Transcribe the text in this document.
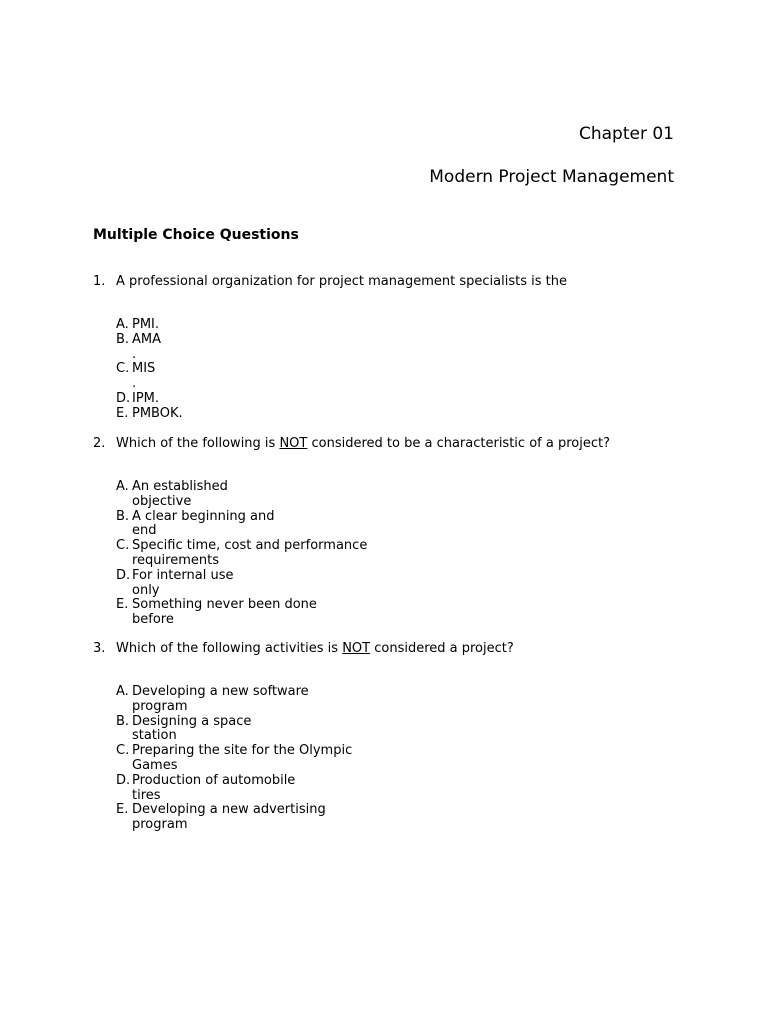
Chapter 01
Modern Project Management
Multiple Choice Questions
1. A professional organization for project management specialists is the
A. PMI.
B. AMA
.
C. MIS
.
D. IPM.
E. PMBOK.
2. Which of the following is NOT considered to be a characteristic of a project?
A. An established
objective
B. A clear beginning and
end
C. Specific time, cost and performance
requirements
D. For internal use
only
E. Something never been done
before
3. Which of the following activities is NOT considered a project?
A. Developing a new software
program
B. Designing a space
station
C. Preparing the site for the Olympic
Games
D. Production of automobile
tires
E. Developing a new advertising
program
